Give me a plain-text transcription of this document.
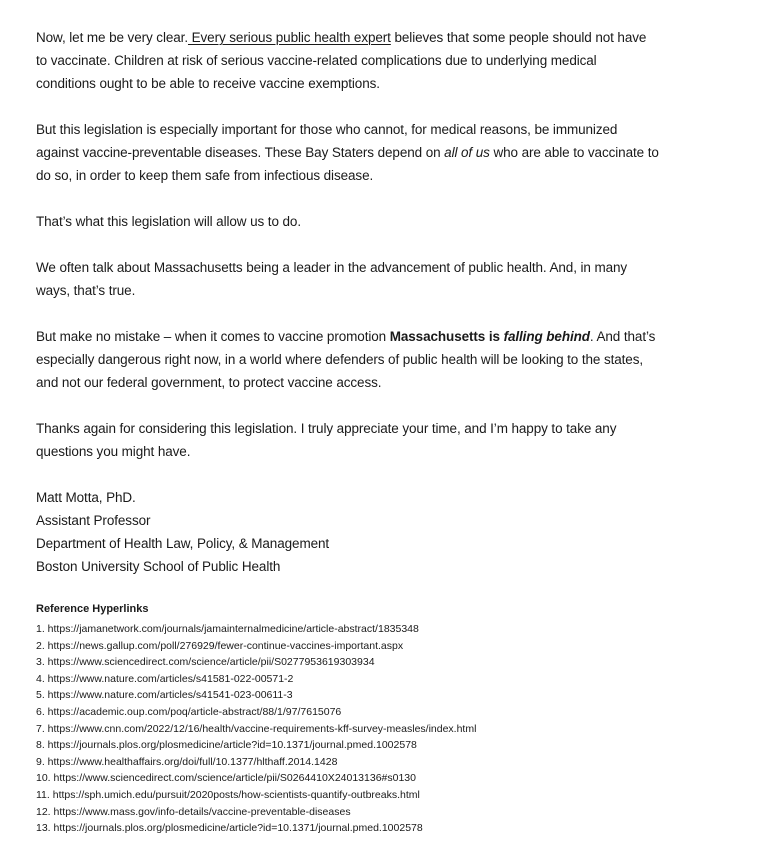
Now, let me be very clear. Every serious public health expert believes that some people should not have
to vaccinate. Children at risk of serious vaccine-related complications due to underlying medical
conditions ought to be able to receive vaccine exemptions.
But this legislation is especially important for those who cannot, for medical reasons, be immunized
against vaccine-preventable diseases. These Bay Staters depend on all of us who are able to vaccinate to
do so, in order to keep them safe from infectious disease.
That’s what this legislation will allow us to do.
We often talk about Massachusetts being a leader in the advancement of public health. And, in many
ways, that’s true.
But make no mistake – when it comes to vaccine promotion Massachusetts is falling behind. And that’s
especially dangerous right now, in a world where defenders of public health will be looking to the states,
and not our federal government, to protect vaccine access.
Thanks again for considering this legislation. I truly appreciate your time, and I’m happy to take any
questions you might have.
Matt Motta, PhD.
Assistant Professor
Department of Health Law, Policy, & Management
Boston University School of Public Health
Reference Hyperlinks
1. https://jamanetwork.com/journals/jamainternalmedicine/article-abstract/1835348
2. https://news.gallup.com/poll/276929/fewer-continue-vaccines-important.aspx
3. https://www.sciencedirect.com/science/article/pii/S0277953619303934
4. https://www.nature.com/articles/s41581-022-00571-2
5. https://www.nature.com/articles/s41541-023-00611-3
6. https://academic.oup.com/poq/article-abstract/88/1/97/7615076
7. https://www.cnn.com/2022/12/16/health/vaccine-requirements-kff-survey-measles/index.html
8. https://journals.plos.org/plosmedicine/article?id=10.1371/journal.pmed.1002578
9. https://www.healthaffairs.org/doi/full/10.1377/hlthaff.2014.1428
10. https://www.sciencedirect.com/science/article/pii/S0264410X24013136#s0130
11. https://sph.umich.edu/pursuit/2020posts/how-scientists-quantify-outbreaks.html
12. https://www.mass.gov/info-details/vaccine-preventable-diseases
13. https://journals.plos.org/plosmedicine/article?id=10.1371/journal.pmed.1002578
